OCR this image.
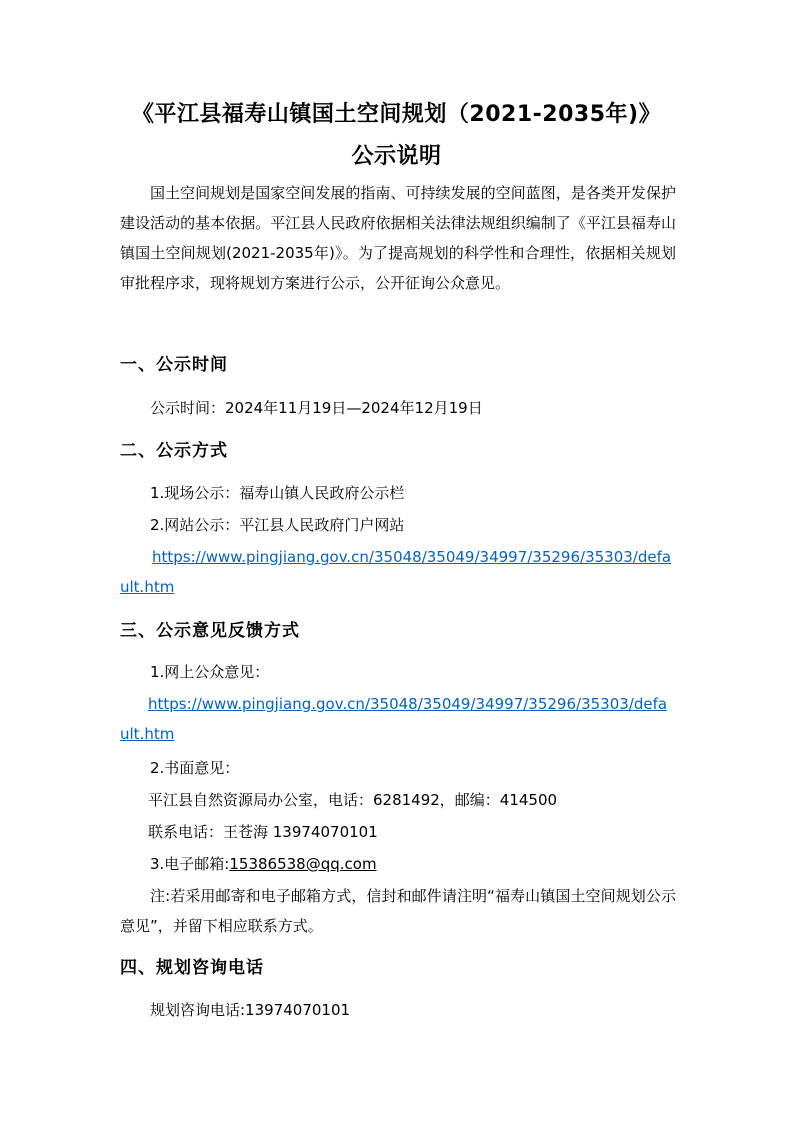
《平江县福寿山镇国土空间规划（2021-2035年)》
公示说明
国土空间规划是国家空间发展的指南、可持续发展的空间蓝图，是各类开发保护建设活动的基本依据。平江县人民政府依据相关法律法规组织编制了《平江县福寿山镇国土空间规划(2021-2035年)》。为了提高规划的科学性和合理性，依据相关规划审批程序求，现将规划方案进行公示，公开征询公众意见。
一、公示时间
公示时间：2024年11月19日—2024年12月19日
二、公示方式
1.现场公示：福寿山镇人民政府公示栏
2.网站公示：平江县人民政府门户网站
https://www.pingjiang.gov.cn/35048/35049/34997/35296/35303/default.htm
三、公示意见反馈方式
1.网上公众意见：
https://www.pingjiang.gov.cn/35048/35049/34997/35296/35303/default.htm
2.书面意见：
平江县自然资源局办公室，电话：6281492，邮编：414500
联系电话：王苍海 13974070101
3.电子邮箱:15386538@qq.com
注:若采用邮寄和电子邮箱方式，信封和邮件请注明“福寿山镇国土空间规划公示意见”，并留下相应联系方式。
四、规划咨询电话
规划咨询电话:13974070101
